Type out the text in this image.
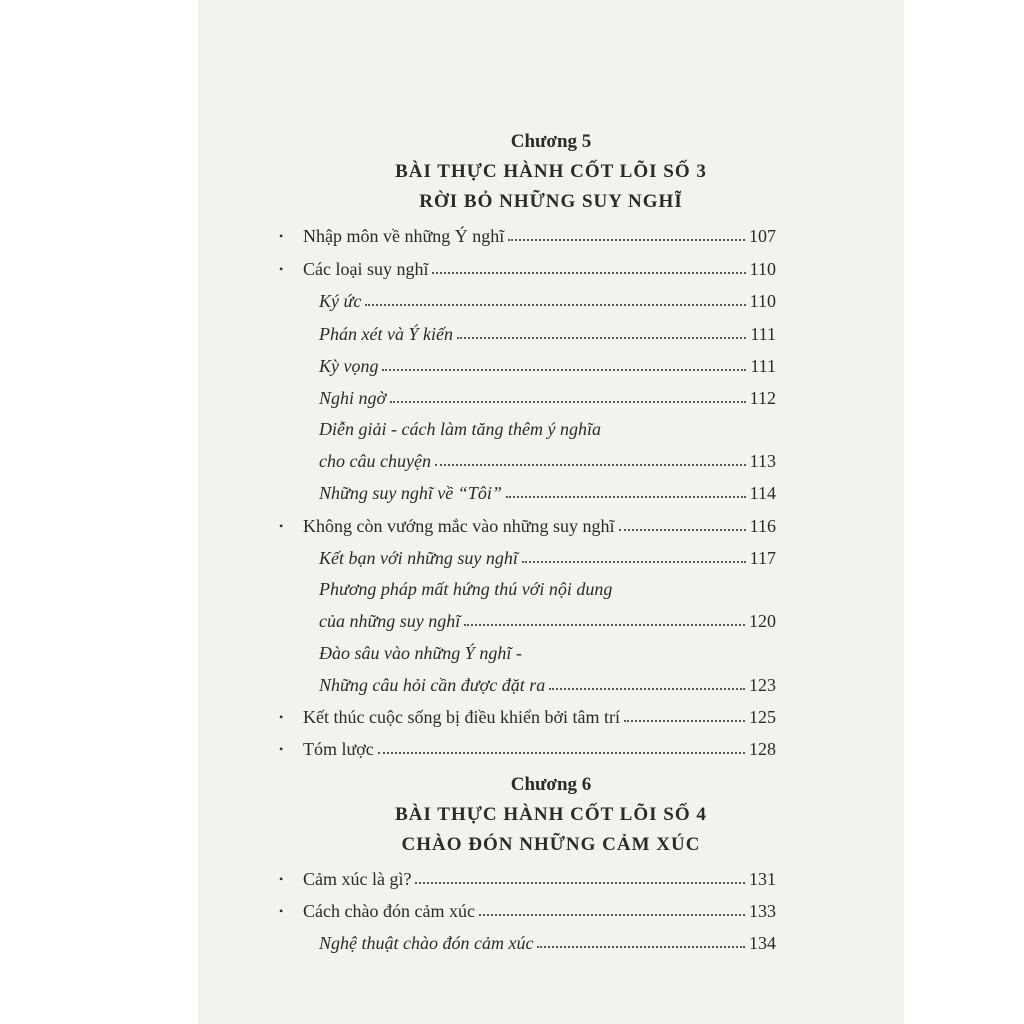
Chương 5
BÀI THỰC HÀNH CỐT LÕI SỐ 3
RỜI BỎ NHỮNG SUY NGHĨ
• Nhập môn về những Ý nghĩ	107
• Các loại suy nghĩ	110
Ký ức	110
Phán xét và Ý kiến	111
Kỳ vọng	111
Nghi ngờ	112
Diễn giải - cách làm tăng thêm ý nghĩa
cho câu chuyện	113
Những suy nghĩ về “Tôi”	114
• Không còn vướng mắc vào những suy nghĩ	116
Kết bạn với những suy nghĩ	117
Phương pháp mất hứng thú với nội dung
của những suy nghĩ	120
Đào sâu vào những Ý nghĩ -
Những câu hỏi cần được đặt ra	123
• Kết thúc cuộc sống bị điều khiển bởi tâm trí	125
• Tóm lược	128
Chương 6
BÀI THỰC HÀNH CỐT LÕI SỐ 4
CHÀO ĐÓN NHỮNG CẢM XÚC
• Cảm xúc là gì?	131
• Cách chào đón cảm xúc	133
Nghệ thuật chào đón cảm xúc	134
